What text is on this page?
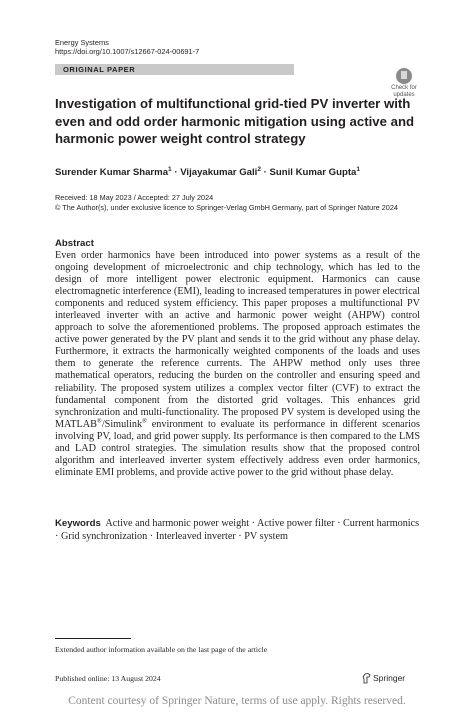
Energy Systems
https://doi.org/10.1007/s12667-024-00691-7
ORIGINAL PAPER
Check for
updates
Investigation of multifunctional grid-tied PV inverter with even and odd order harmonic mitigation using active and harmonic power weight control strategy
Surender Kumar Sharma$^1$ · Vijayakumar Gali$^2$ · Sunil Kumar Gupta$^1$
Received: 18 May 2023 / Accepted: 27 July 2024
© The Author(s), under exclusive licence to Springer-Verlag GmbH Germany, part of Springer Nature 2024
Abstract
Even order harmonics have been introduced into power systems as a result of the ongoing development of microelectronic and chip technology, which has led to the design of more intelligent power electronic equipment. Harmonics can cause electromagnetic interference (EMI), leading to increased temperatures in power electrical components and reduced system efficiency. This paper proposes a multifunctional PV interleaved inverter with an active and harmonic power weight (AHPW) control approach to solve the aforementioned problems. The proposed approach estimates the active power generated by the PV plant and sends it to the grid without any phase delay. Furthermore, it extracts the harmonically weighted components of the loads and uses them to generate the reference currents. The AHPW method only uses three mathematical operators, reducing the burden on the controller and ensuring speed and reliability. The proposed system utilizes a complex vector filter (CVF) to extract the fundamental component from the distorted grid voltages. This enhances grid synchronization and multi-functionality. The proposed PV system is developed using the MATLAB®/Simulink® environment to evaluate its performance in different scenarios involving PV, load, and grid power supply. Its performance is then compared to the LMS and LAD control strategies. The simulation results show that the proposed control algorithm and interleaved inverter system effectively address even order harmonics, eliminate EMI problems, and provide active power to the grid without phase delay.
Keywords Active and harmonic power weight · Active power filter · Current harmonics · Grid synchronization · Interleaved inverter · PV system
Extended author information available on the last page of the article
Published online: 13 August 2024	Springer
Content courtesy of Springer Nature, terms of use apply. Rights reserved.
